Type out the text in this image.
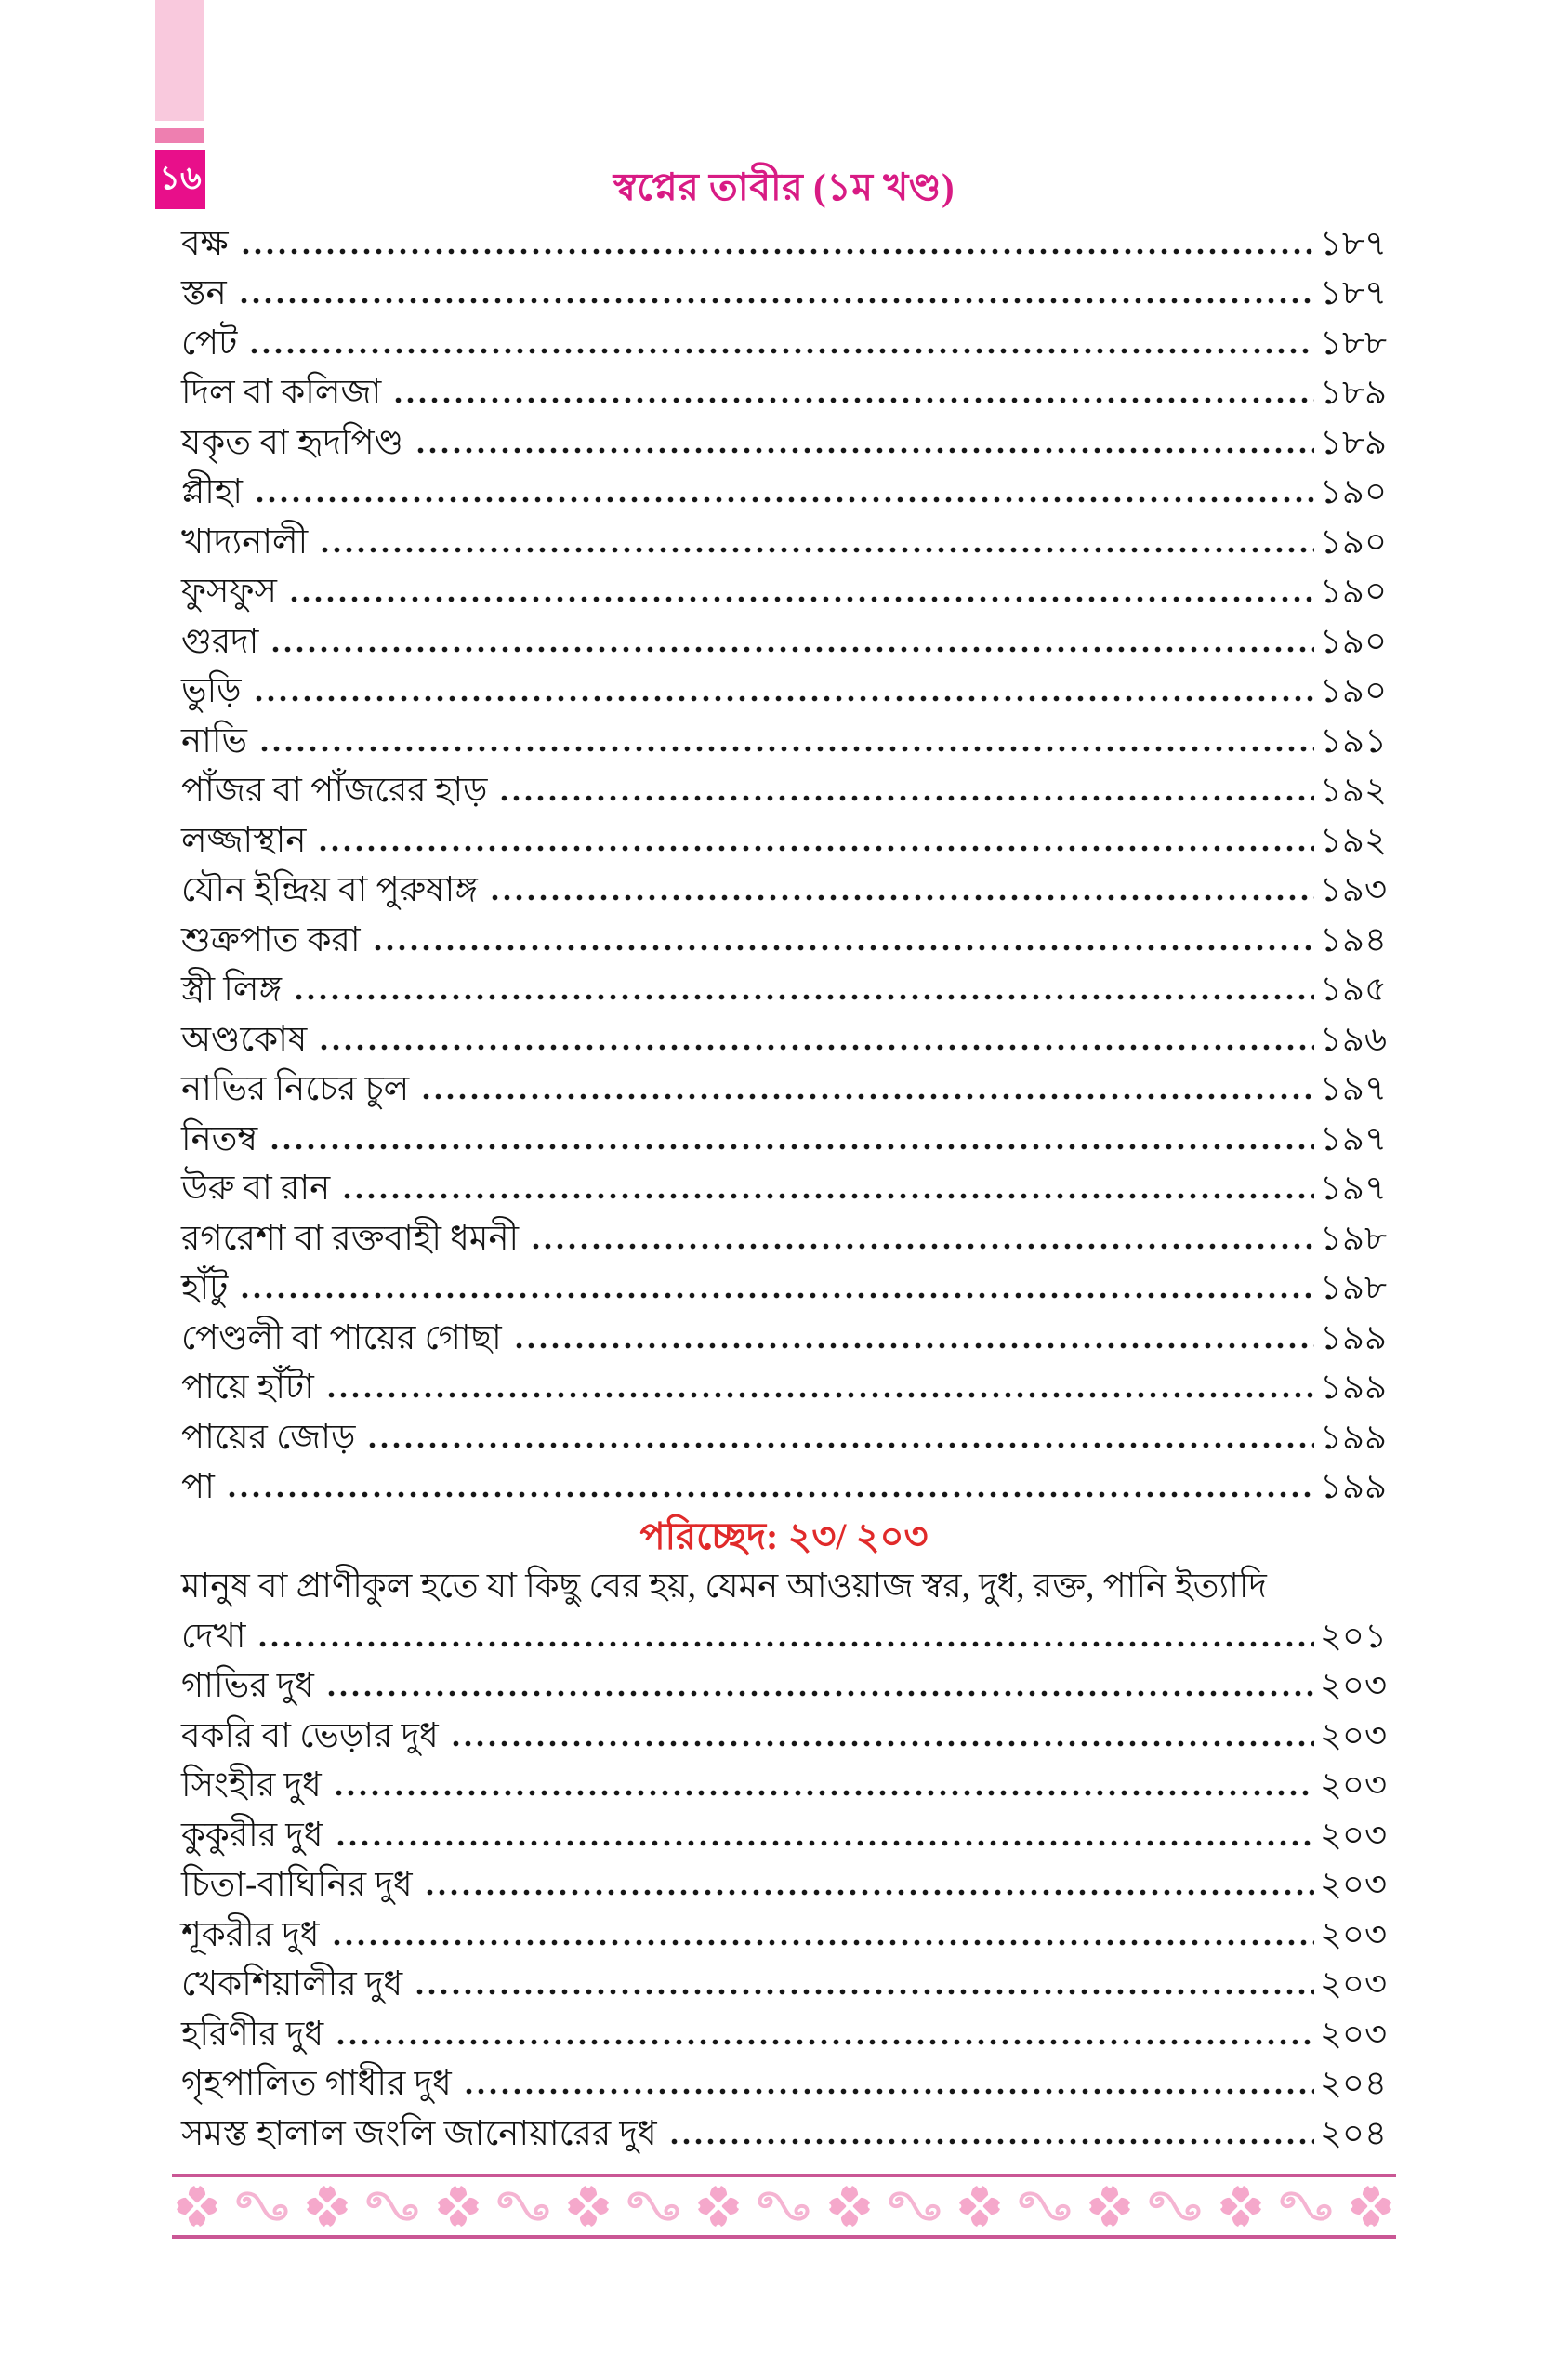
১৬	স্বপ্নের তাবীর (১ম খণ্ড)
বক্ষ	১৮৭
স্তন	১৮৭
পেট	১৮৮
দিল বা কলিজা	১৮৯
যকৃত বা হৃদপিণ্ড	১৮৯
প্লীহা	১৯০
খাদ্যনালী	১৯০
ফুসফুস	১৯০
গুরদা	১৯০
ভুড়ি	১৯০
নাভি	১৯১
পাঁজর বা পাঁজরের হাড়	১৯২
লজ্জাস্থান	১৯২
যৌন ইন্দ্রিয় বা পুরুষাঙ্গ	১৯৩
শুক্রপাত করা	১৯৪
স্ত্রী লিঙ্গ	১৯৫
অণ্ডকোষ	১৯৬
নাভির নিচের চুল	১৯৭
নিতম্ব	১৯৭
উরু বা রান	১৯৭
রগরেশা বা রক্তবাহী ধমনী	১৯৮
হাঁটু	১৯৮
পেণ্ডলী বা পায়ের গোছা	১৯৯
পায়ে হাঁটা	১৯৯
পায়ের জোড়	১৯৯
পা	১৯৯
পরিচ্ছেদ: ২৩/ ২০৩
মানুষ বা প্রাণীকুল হতে যা কিছু বের হয়, যেমন আওয়াজ স্বর, দুধ, রক্ত, পানি ইত্যাদি
দেখা	২০১
গাভির দুধ	২০৩
বকরি বা ভেড়ার দুধ	২০৩
সিংহীর দুধ	২০৩
কুকুরীর দুধ	২০৩
চিতা-বাঘিনির দুধ	২০৩
শূকরীর দুধ	২০৩
খেকশিয়ালীর দুধ	২০৩
হরিণীর দুধ	২০৩
গৃহপালিত গাধীর দুধ	২০৪
সমস্ত হালাল জংলি জানোয়ারের দুধ	২০৪
